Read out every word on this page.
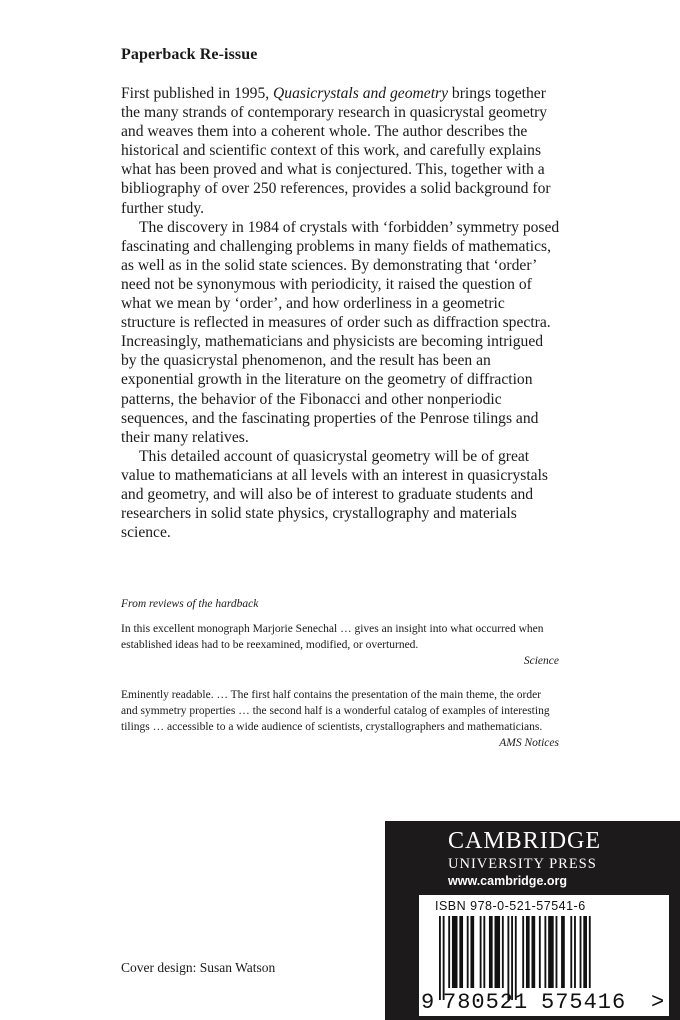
Paperback Re-issue

First published in 1995, Quasicrystals and geometry brings together the many strands of contemporary research in quasicrystal geometry and weaves them into a coherent whole. The author describes the historical and scientific context of this work, and carefully explains what has been proved and what is conjectured. This, together with a bibliography of over 250 references, provides a solid background for further study.

The discovery in 1984 of crystals with ‘forbidden’ symmetry posed fascinating and challenging problems in many fields of mathematics, as well as in the solid state sciences. By demonstrating that ‘order’ need not be synonymous with periodicity, it raised the question of what we mean by ‘order’, and how orderliness in a geometric structure is reflected in measures of order such as diffraction spectra. Increasingly, mathematicians and physicists are becoming intrigued by the quasicrystal phenomenon, and the result has been an exponential growth in the literature on the geometry of diffraction patterns, the behavior of the Fibonacci and other nonperiodic sequences, and the fascinating properties of the Penrose tilings and their many relatives.

This detailed account of quasicrystal geometry will be of great value to mathematicians at all levels with an interest in quasicrystals and geometry, and will also be of interest to graduate students and researchers in solid state physics, crystallography and materials science.

From reviews of the hardback
In this excellent monograph Marjorie Senechal … gives an insight into what occurred when established ideas had to be reexamined, modified, or overturned.
Science
Eminently readable. … The first half contains the presentation of the main theme, the order and symmetry properties … the second half is a wonderful catalog of examples of interesting tilings … accessible to a wide audience of scientists, crystallographers and mathematicians.
AMS Notices
Cover design: Susan Watson
CAMBRIDGE
UNIVERSITY PRESS
www.cambridge.org
ISBN 978-0-521-57541-6
9 780521 575416 >
